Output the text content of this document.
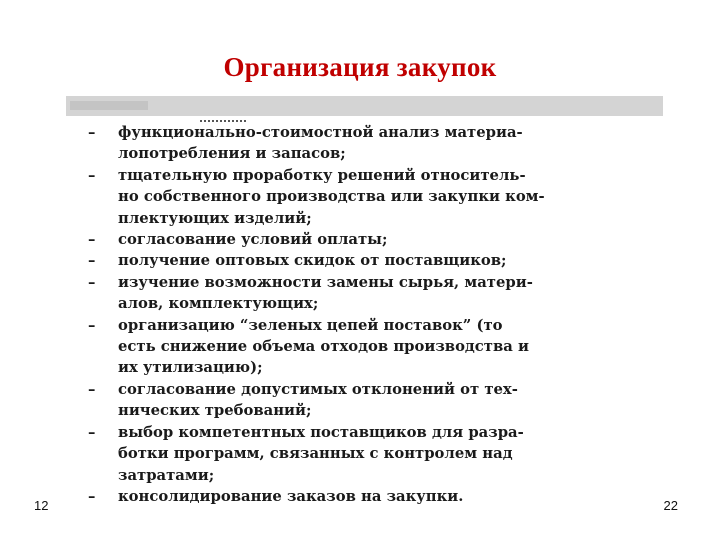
Организация закупок
–	функционально-стоимостной анализ материа-
лопотребления и запасов;
–	тщательную проработку решений относитель-
но собственного производства или закупки ком-
плектующих изделий;
–	согласование условий оплаты;
–	получение оптовых скидок от поставщиков;
–	изучение возможности замены сырья, матери-
алов, комплектующих;
–	организацию “зеленых цепей поставок” (то
есть снижение объема отходов производства и
их утилизацию);
–	согласование допустимых отклонений от тех-
нических требований;
–	выбор компетентных поставщиков для разра-
ботки программ, связанных с контролем над
затратами;
–	консолидирование заказов на закупки.
12	22
